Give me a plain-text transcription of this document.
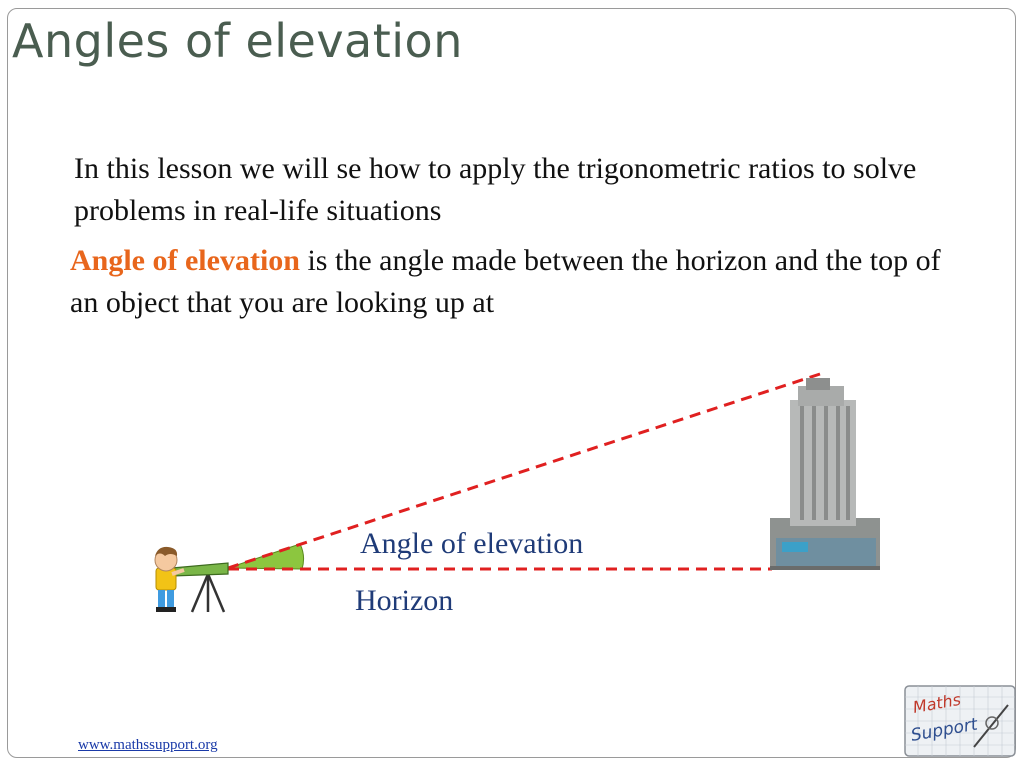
Angles of elevation
In this lesson we will se how to apply the trigonometric ratios to solve problems in real-life situations
Angle of elevation is the angle made between the horizon and the top of an object that you are looking up at
Angle of elevation
Horizon
www.mathssupport.org
Maths
Support
